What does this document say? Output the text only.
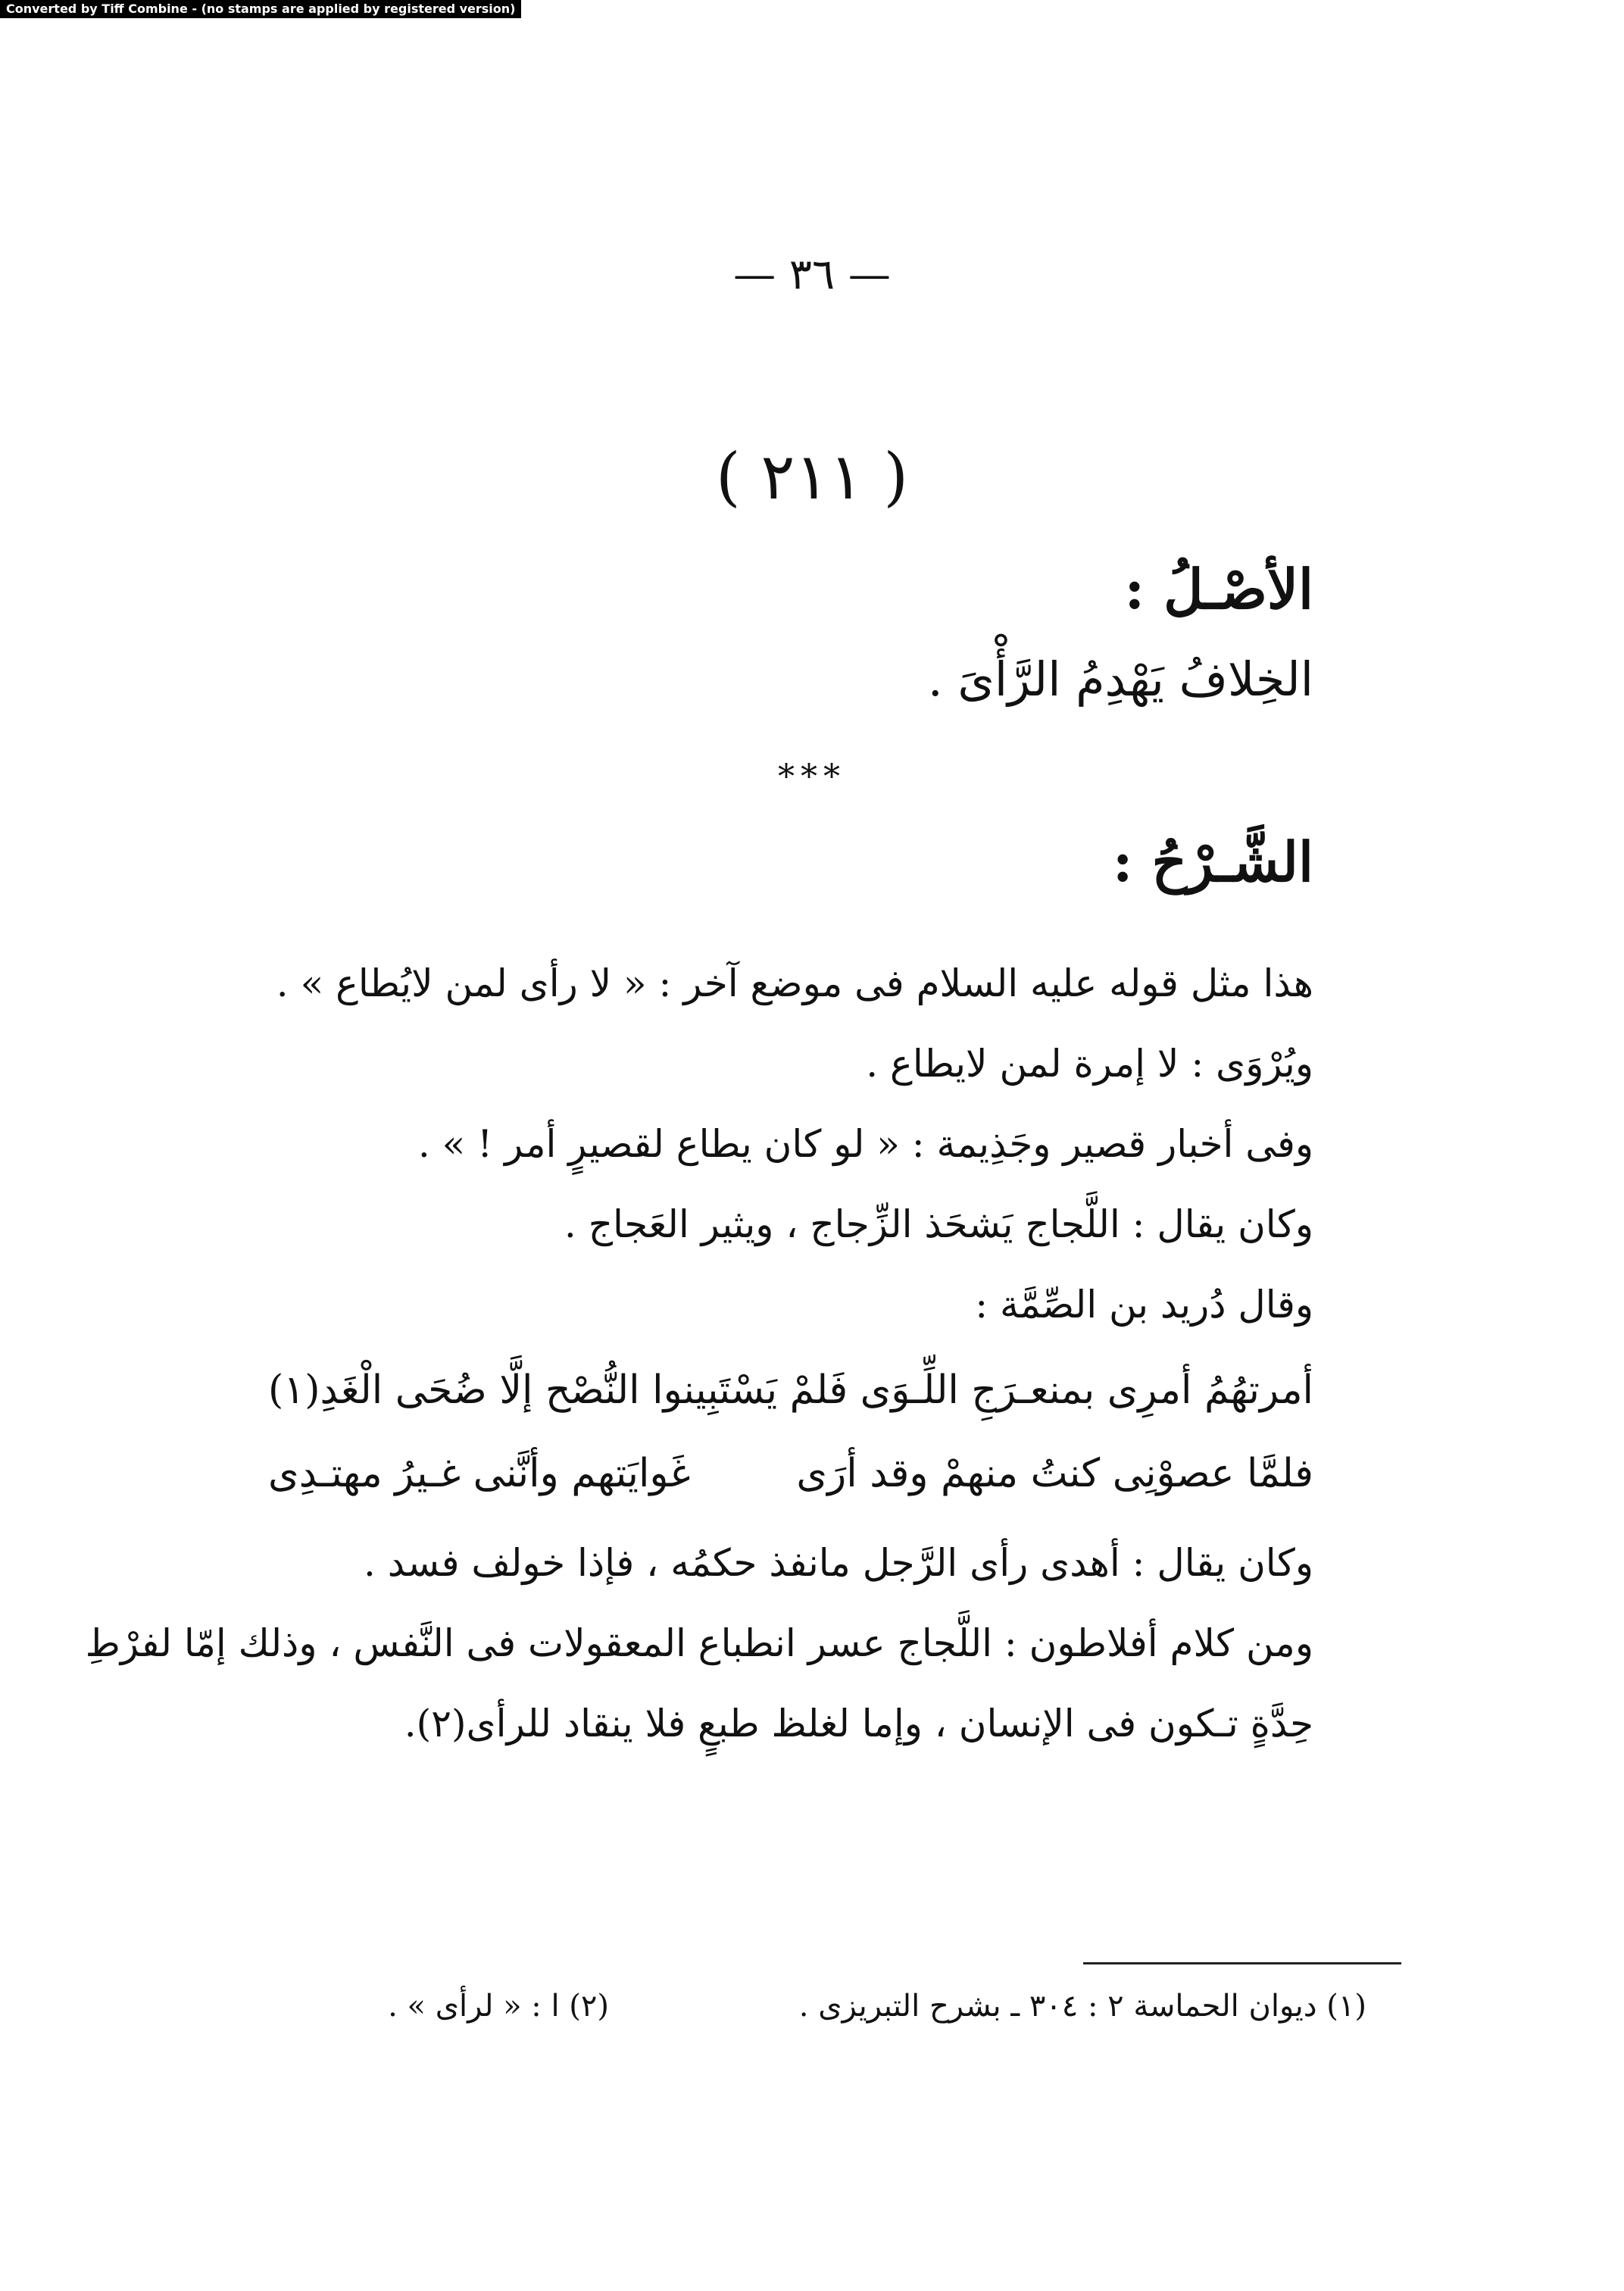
Converted by Tiff Combine - (no stamps are applied by registered version)
— ٣٦ —
( ٢١١ )
الأصْـلُ :
الخِلافُ يَهْدِمُ الرَّأْىَ .
***
الشَّـرْحُ :
هذا مثل قوله عليه السلام فى موضع آخر : « لا رأى لمن لايُطاع » .
ويُرْوَى : لا إمرة لمن لايطاع .
وفى أخبار قصير وجَذِيمة : « لو كان يطاع لقصيرٍ أمر ! » .
وكان يقال : اللَّجاج يَشحَذ الزِّجاج ، ويثير العَجاج .
وقال دُريد بن الصِّمَّة :
أمرتهُمُ أمرِى بمنعـرَجِ اللِّـوَى
فَلمْ يَسْتَبِينوا النُّصْح إلَّا ضُحَى الْغَدِ(١)
فلمَّا عصوْنِى كنتُ منهمْ وقد أرَى
غَوايَتهم وأنَّنى غـيرُ مهتـدِى
وكان يقال : أهدى رأى الرَّجل مانفذ حكمُه ، فإذا خولف فسد .
ومن كلام أفلاطون : اللَّجاج عسر انطباع المعقولات فى النَّفس ، وذلك إمّا لفرْطِ
حِدَّةٍ تـكون فى الإنسان ، وإما لغلظ طبعٍ فلا ينقاد للرأى(٢).
(١) ديوان الحماسة ٢ : ٣٠٤ ـ بشرح التبريزى .
(٢) ا : « لرأى » .
